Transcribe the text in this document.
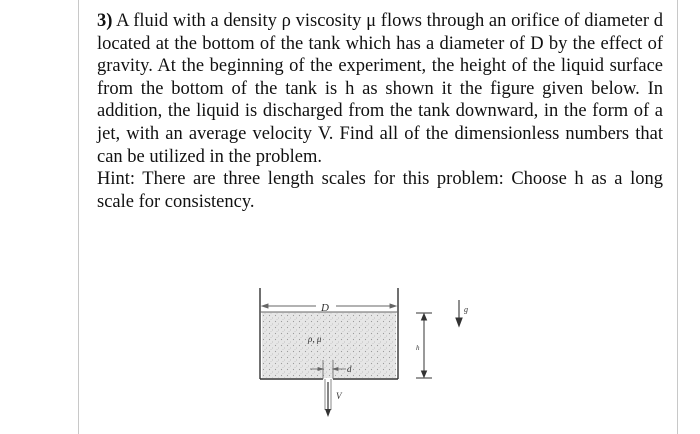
3) A fluid with a density ρ viscosity μ flows through an orifice of diameter d located at the bottom of the tank which has a diameter of D by the effect of gravity. At the beginning of the experiment, the height of the liquid surface from the bottom of the tank is h as shown it the figure given below. In addition, the liquid is discharged from the tank downward, in the form of a jet, with an average velocity V. Find all of the dimensionless numbers that can be utilized in the problem.

Hint: There are three length scales for this problem: Choose h as a long scale for consistency.

D
ρ, μ
d
V
h
g
